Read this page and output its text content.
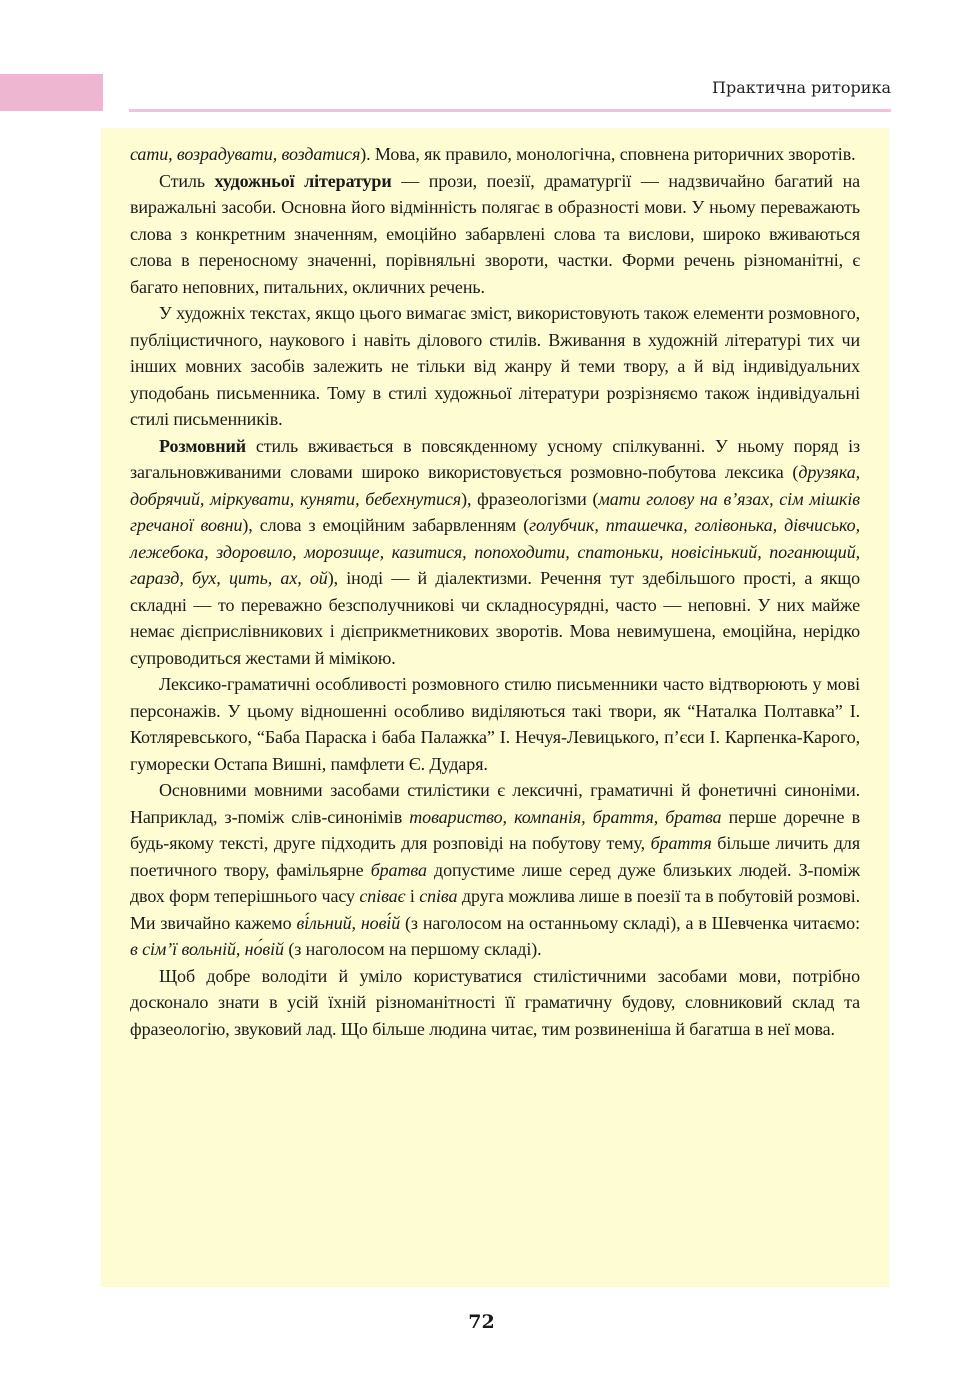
Практична риторика

сати, возрадувати, воздатися). Мова, як правило, монологічна, сповнена риторичних зворотів.

Стиль художньої літератури — прози, поезії, драматургії — надзвичайно багатий на виражальні засоби. Основна його відмінність полягає в образності мови. У ньому переважають слова з конкретним значенням, емоційно забарвлені слова та вислови, широко вживаються слова в переносному значенні, порівняльні звороти, частки. Форми речень різноманітні, є багато неповних, питальних, окличних речень.

У художніх текстах, якщо цього вимагає зміст, використовують також елементи розмовного, публіцистичного, наукового і навіть ділового стилів. Вживання в художній літературі тих чи інших мовних засобів залежить не тільки від жанру й теми твору, а й від індивідуальних уподобань письменника. Тому в стилі художньої літератури розрізняємо також індивідуальні стилі письменників.

Розмовний стиль вживається в повсякденному усному спілкуванні. У ньому поряд із загальновживаними словами широко використовується розмовно-побутова лексика (друзяка, добрячий, міркувати, куняти, бебехнутися), фразеологізми (мати голову на в’язах, сім мішків гречаної вовни), слова з емоційним забарвленням (голубчик, пташечка, голівонька, дівчисько, лежебока, здоровило, морозище, казитися, попоходити, спатоньки, новісінький, поганющий, гаразд, бух, цить, ах, ой), іноді — й діалектизми. Речення тут здебільшого прості, а якщо складні — то переважно безсполучникові чи складносурядні, часто — неповні. У них майже немає дієприслівникових і дієприкметникових зворотів. Мова невимушена, емоційна, нерідко супроводиться жестами й мімікою.

Лексико-граматичні особливості розмовного стилю письменники часто відтворюють у мові персонажів. У цьому відношенні особливо виділяються такі твори, як “Наталка Полтавка” І. Котляревського, “Баба Параска і баба Палажка” І. Нечуя-Левицького, п’єси І. Карпенка-Карого, гуморески Остапа Вишні, памфлети Є. Дударя.

Основними мовними засобами стилістики є лексичні, граматичні й фонетичні синоніми. Наприклад, з-поміж слів-синонімів товариство, компанія, браття, братва перше доречне в будь-якому тексті, друге підходить для розповіді на побутову тему, браття більше личить для поетичного твору, фамільярне братва допустиме лише серед дуже близьких людей. З-поміж двох форм теперішнього часу співає і співа друга можлива лише в поезії та в побутовій розмові. Ми звичайно кажемо ві́льний, нові́й (з наголосом на останньому складі), а в Шевченка читаємо: в сім’ї вольній, но́вій (з наголосом на першому складі).

Щоб добре володіти й уміло користуватися стилістичними засобами мови, потрібно досконало знати в усій їхній різноманітності її граматичну будову, словниковий склад та фразеологію, звуковий лад. Що більше людина читає, тим розвиненіша й багатша в неї мова.

72
